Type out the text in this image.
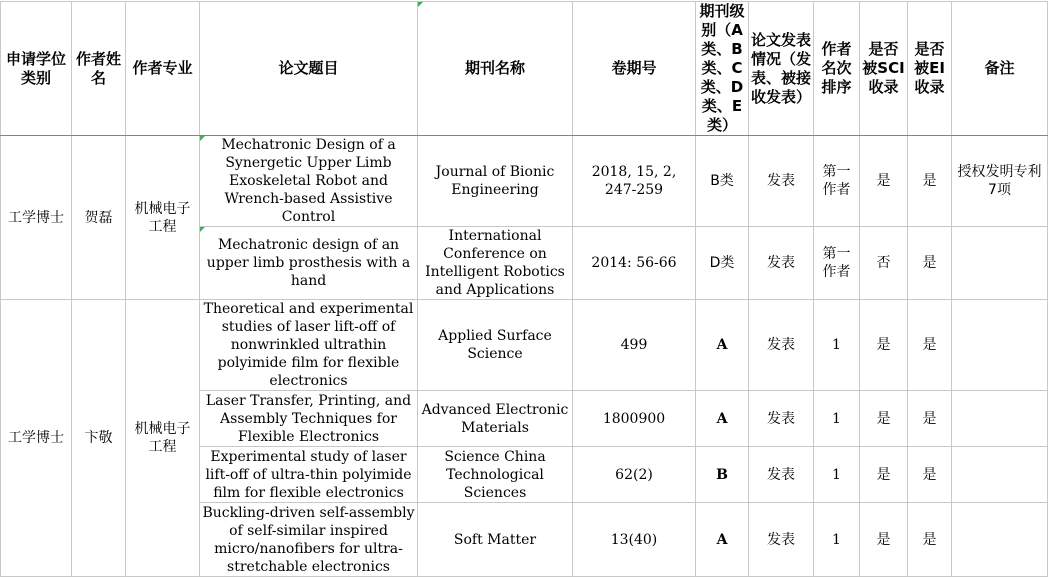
申请学位类别	作者姓名	作者专业	论文题目	期刊名称	卷期号	期刊级别（A类、B类、C类、D类、E类）	论文发表情况（发表、被接收发表）	作者名次排序	是否被SCI收录	是否被EI收录	备注
工学博士	贺磊	机械电子工程	Mechatronic Design of a Synergetic Upper Limb Exoskeletal Robot and Wrench-based Assistive Control	Journal of Bionic Engineering	2018, 15, 2, 247-259	B类	发表	第一作者	是	是	授权发明专利7项
			Mechatronic design of an upper limb prosthesis with a hand	International Conference on Intelligent Robotics and Applications	2014: 56-66	D类	发表	第一作者	否	是	
工学博士	卞敬	机械电子工程	Theoretical and experimental studies of laser lift-off of nonwrinkled ultrathin polyimide film for flexible electronics	Applied Surface Science	499	A	发表	1	是	是	
			Laser Transfer, Printing, and Assembly Techniques for Flexible Electronics	Advanced Electronic Materials	1800900	A	发表	1	是	是	
			Experimental study of laser lift-off of ultra-thin polyimide film for flexible electronics	Science China Technological Sciences	62(2)	B	发表	1	是	是	
			Buckling-driven self-assembly of self-similar inspired micro/nanofibers for ultra-stretchable electronics	Soft Matter	13(40)	A	发表	1	是	是	
